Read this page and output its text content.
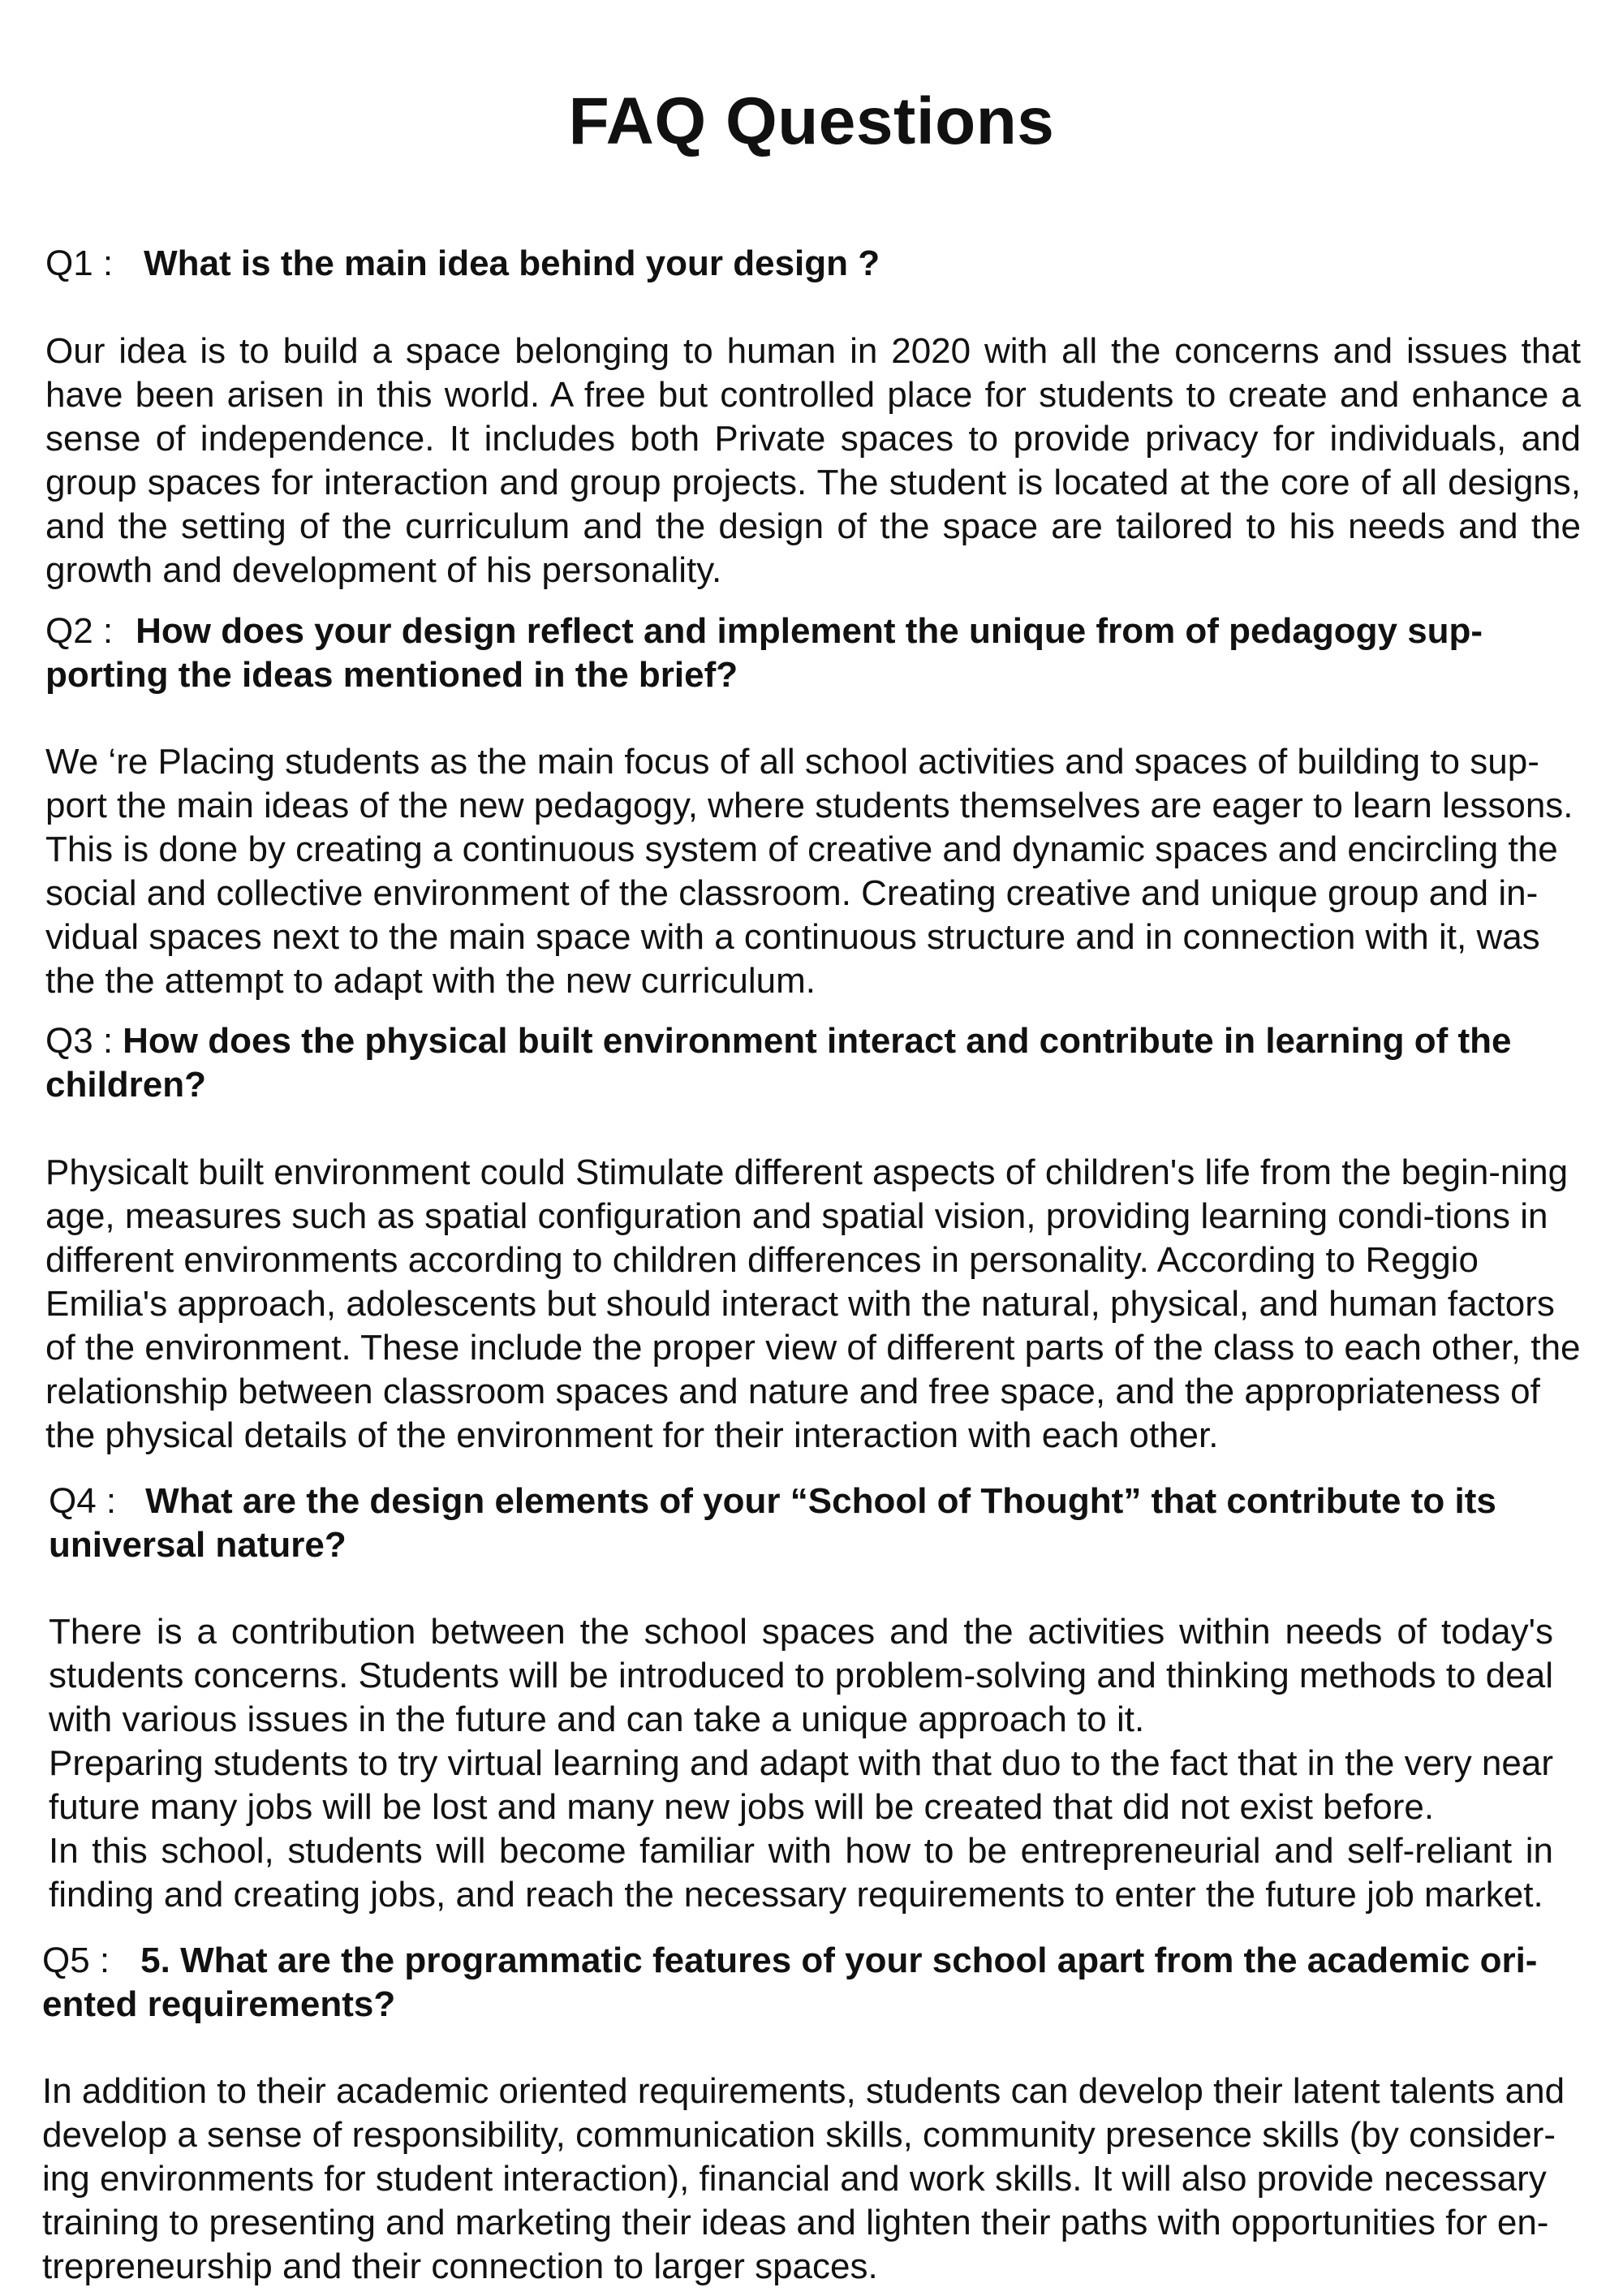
FAQ Questions
Q1 : What is the main idea behind your design ?

Our idea is to build a space belonging to human in 2020 with all the concerns and issues that have been arisen in this world. A free but controlled place for students to create and enhance a sense of independence. It includes both Private spaces to provide privacy for individuals, and group spaces for interaction and group projects. The student is located at the core of all designs, and the setting of the curriculum and the design of the space are tailored to his needs and the growth and development of his personality.

Q2 : How does your design reflect and implement the unique from of pedagogy sup-porting the ideas mentioned in the brief?

We ‘re Placing students as the main focus of all school activities and spaces of building to sup-port the main ideas of the new pedagogy, where students themselves are eager to learn lessons. This is done by creating a continuous system of creative and dynamic spaces and encircling the social and collective environment of the classroom. Creating creative and unique group and in-vidual spaces next to the main space with a continuous structure and in connection with it, was the the attempt to adapt with the new curriculum.

Q3 : How does the physical built environment interact and contribute in learning of the children?

Physicalt built environment could Stimulate different aspects of children's life from the begin-ning age, measures such as spatial configuration and spatial vision, providing learning condi-tions in different environments according to children differences in personality. According to Reggio Emilia's approach, adolescents but should interact with the natural, physical, and human factors of the environment. These include the proper view of different parts of the class to each other, the relationship between classroom spaces and nature and free space, and the appropriateness of the physical details of the environment for their interaction with each other.

Q4 : What are the design elements of your “School of Thought” that contribute to its universal nature?

There is a contribution between the school spaces and the activities within needs of today's students concerns. Students will be introduced to problem-solving and thinking methods to deal with various issues in the future and can take a unique approach to it.

Preparing students to try virtual learning and adapt with that duo to the fact that in the very near future many jobs will be lost and many new jobs will be created that did not exist before.

In this school, students will become familiar with how to be entrepreneurial and self-reliant in finding and creating jobs, and reach the necessary requirements to enter the future job market.

Q5 : 5. What are the programmatic features of your school apart from the academic ori-ented requirements?

In addition to their academic oriented requirements, students can develop their latent talents and develop a sense of responsibility, communication skills, community presence skills (by consider-ing environments for student interaction), financial and work skills. It will also provide necessary training to presenting and marketing their ideas and lighten their paths with opportunities for en-trepreneurship and their connection to larger spaces.
